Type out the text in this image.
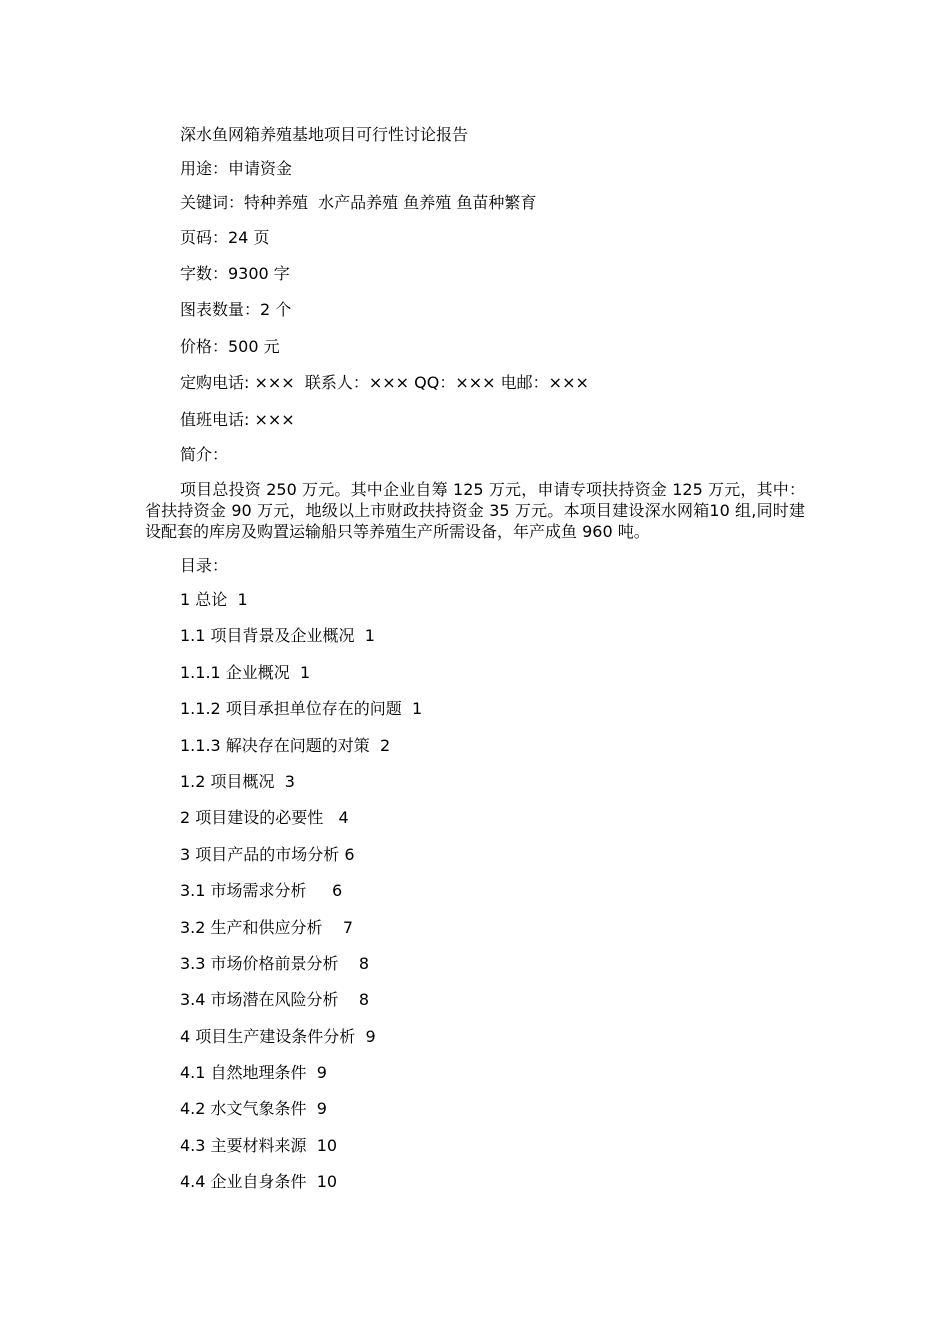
深水鱼网箱养殖基地项目可行性讨论报告
用途：申请资金
关键词：特种养殖  水产品养殖 鱼养殖 鱼苗种繁育
页码：24 页
字数：9300 字
图表数量：2 个
价格：500 元
定购电话: ×××  联系人：××× QQ：××× 电邮：×××
值班电话: ×××
简介：
项目总投资 250 万元。其中企业自筹 125 万元，申请专项扶持资金 125 万元，其中：省扶持资金 90 万元，地级以上市财政扶持资金 35 万元。本项目建设深水网箱10 组,同时建设配套的库房及购置运输船只等养殖生产所需设备，年产成鱼 960 吨。
目录：
1 总论  1
1.1 项目背景及企业概况  1
1.1.1 企业概况  1
1.1.2 项目承担单位存在的问题  1
1.1.3 解决存在问题的对策  2
1.2 项目概况  3
2 项目建设的必要性   4
3 项目产品的市场分析 6
3.1 市场需求分析     6
3.2 生产和供应分析    7
3.3 市场价格前景分析    8
3.4 市场潜在风险分析    8
4 项目生产建设条件分析  9
4.1 自然地理条件  9
4.2 水文气象条件  9
4.3 主要材料来源  10
4.4 企业自身条件  10
